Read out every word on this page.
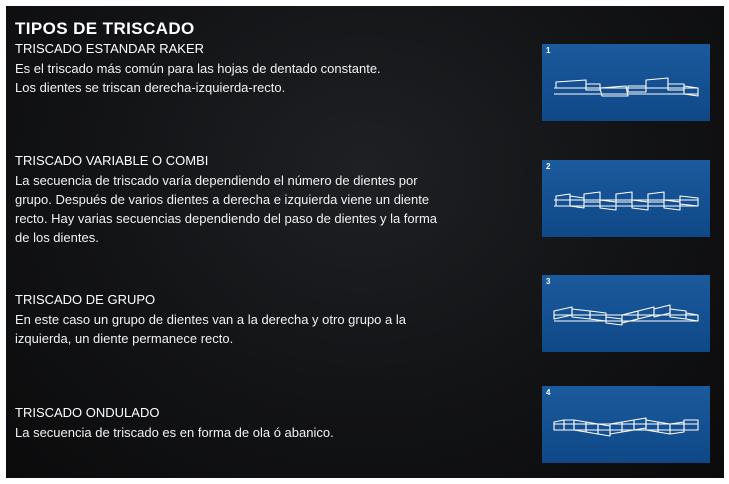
TIPOS DE TRISCADO
TRISCADO ESTANDAR RAKER

Es el triscado más común para las hojas de dentado constante.
Los dientes se triscan derecha-izquierda-recto.

TRISCADO VARIABLE O COMBI

La secuencia de triscado varía dependiendo el número de dientes por
grupo. Después de varios dientes a derecha e izquierda viene un diente
recto. Hay varias secuencias dependiendo del paso de dientes y la forma
de los dientes.

TRISCADO DE GRUPO

En este caso un grupo de dientes van a la derecha y otro grupo a la
izquierda, un diente permanece recto.

TRISCADO ONDULADO

La secuencia de triscado es en forma de ola ó abanico.

1
2
3
4
